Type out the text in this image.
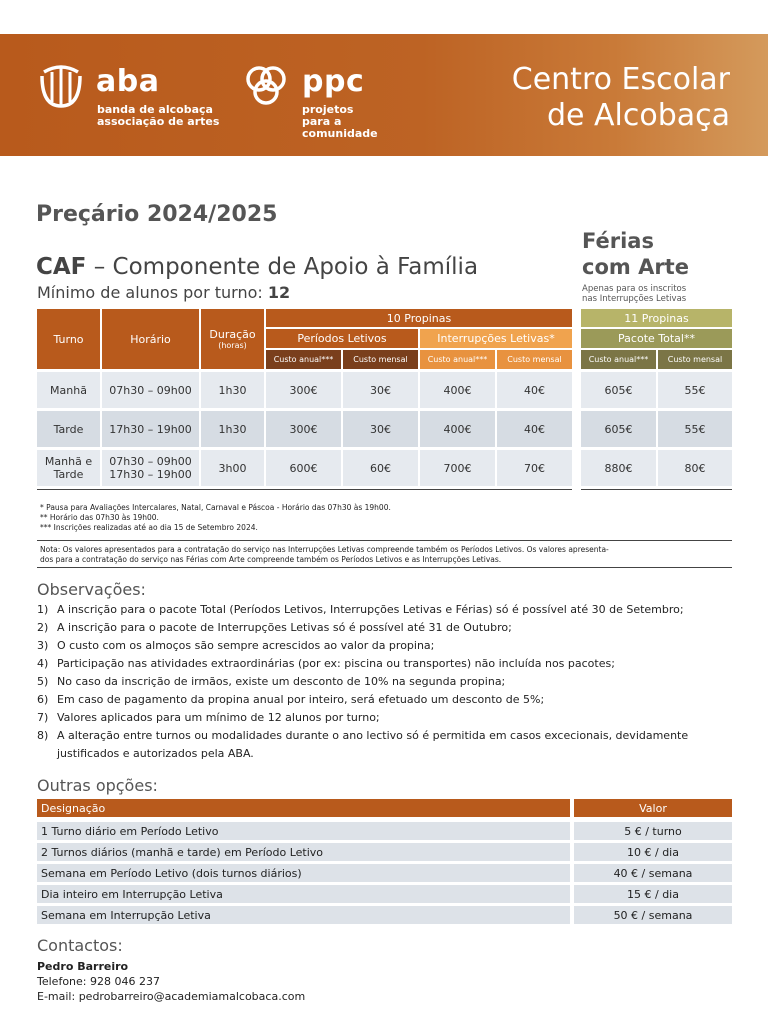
aba
banda de alcobaça
associação de artes
ppc
projetos
para a
comunidade
Centro Escolar
de Alcobaça
Preçário 2024/2025
CAF – Componente de Apoio à Família
Mínimo de alunos por turno: 12
Férias
com Arte
Apenas para os inscritos
nas Interrupções Letivas
Turno	Horário	Duração
(horas)
10 Propinas
Períodos Letivos	Interrupções Letivas*
Custo anual***	Custo mensal	Custo anual***	Custo mensal
11 Propinas
Pacote Total**
Custo anual***	Custo mensal
Manhã	07h30 – 09h00	1h30	300€	30€	400€	40€	605€	55€
Tarde	17h30 – 19h00	1h30	300€	30€	400€	40€	605€	55€
Manhã e Tarde
07h30 – 09h00
17h30 – 19h00	3h00	600€	60€	700€	70€	880€	80€
* Pausa para Avaliações Intercalares, Natal, Carnaval e Páscoa - Horário das 07h30 às 19h00.
** Horário das 07h30 às 19h00.
*** Inscrições realizadas até ao dia 15 de Setembro 2024.
Nota: Os valores apresentados para a contratação do serviço nas Interrupções Letivas compreende também os Períodos Letivos. Os valores apresenta-
dos para a contratação do serviço nas Férias com Arte compreende também os Períodos Letivos e as Interrupções Letivas.
Observações:
1) A inscrição para o pacote Total (Períodos Letivos, Interrupções Letivas e Férias) só é possível até 30 de Setembro;
2) A inscrição para o pacote de Interrupções Letivas só é possível até 31 de Outubro;
3) O custo com os almoços são sempre acrescidos ao valor da propina;
4) Participação nas atividades extraordinárias (por ex: piscina ou transportes) não incluída nos pacotes;
5) No caso da inscrição de irmãos, existe um desconto de 10% na segunda propina;
6) Em caso de pagamento da propina anual por inteiro, será efetuado um desconto de 5%;
7) Valores aplicados para um mínimo de 12 alunos por turno;
8) A alteração entre turnos ou modalidades durante o ano lectivo só é permitida em casos excecionais, devidamente justificados e autorizados pela ABA.
Outras opções:
Designação	Valor
1 Turno diário em Período Letivo	5 € / turno
2 Turnos diários (manhã e tarde) em Período Letivo	10 € / dia
Semana em Período Letivo (dois turnos diários)	40 € / semana
Dia inteiro em Interrupção Letiva	15 € / dia
Semana em Interrupção Letiva	50 € / semana
Contactos:
Pedro Barreiro
Telefone: 928 046 237
E-mail: pedrobarreiro@academiamalcobaca.com
